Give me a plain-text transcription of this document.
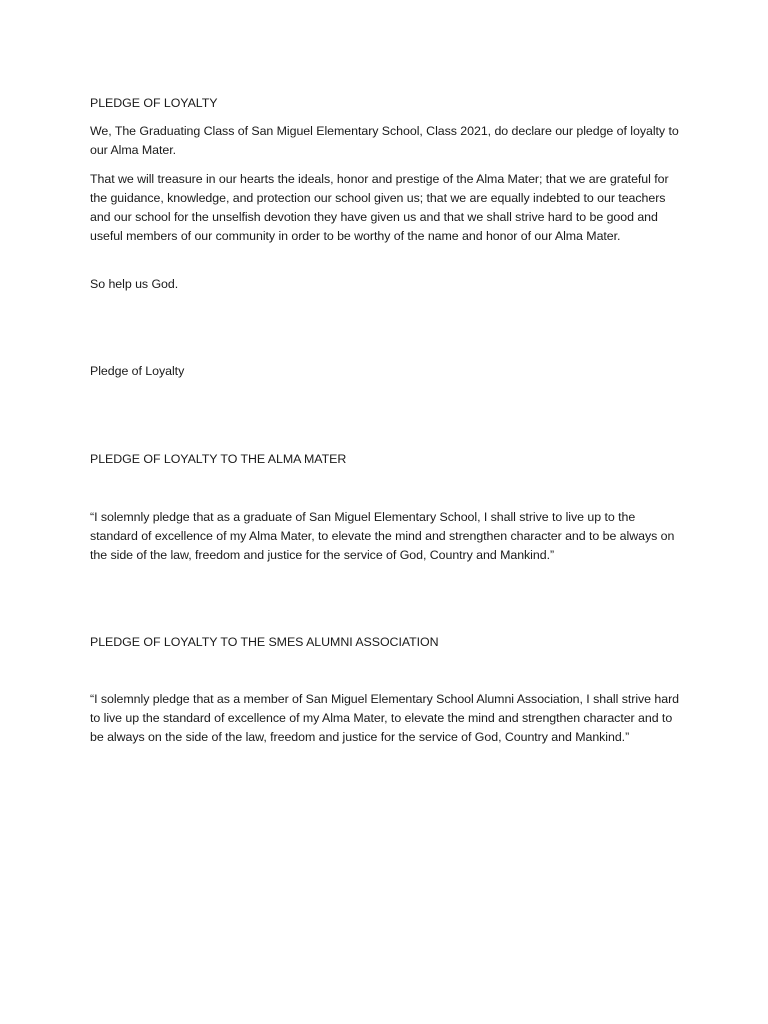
PLEDGE OF LOYALTY

We, The Graduating Class of San Miguel Elementary School, Class 2021, do declare our pledge of loyalty to our Alma Mater.

That we will treasure in our hearts the ideals, honor and prestige of the Alma Mater; that we are grateful for the guidance, knowledge, and protection our school given us; that we are equally indebted to our teachers and our school for the unselfish devotion they have given us and that we shall strive hard to be good and useful members of our community in order to be worthy of the name and honor of our Alma Mater.

So help us God.

Pledge of Loyalty

PLEDGE OF LOYALTY TO THE ALMA MATER

“I solemnly pledge that as a graduate of San Miguel Elementary School, I shall strive to live up to the standard of excellence of my Alma Mater, to elevate the mind and strengthen character and to be always on the side of the law, freedom and justice for the service of God, Country and Mankind.”

PLEDGE OF LOYALTY TO THE SMES ALUMNI ASSOCIATION

“I solemnly pledge that as a member of San Miguel Elementary School Alumni Association, I shall strive hard to live up the standard of excellence of my Alma Mater, to elevate the mind and strengthen character and to be always on the side of the law, freedom and justice for the service of God, Country and Mankind.”
